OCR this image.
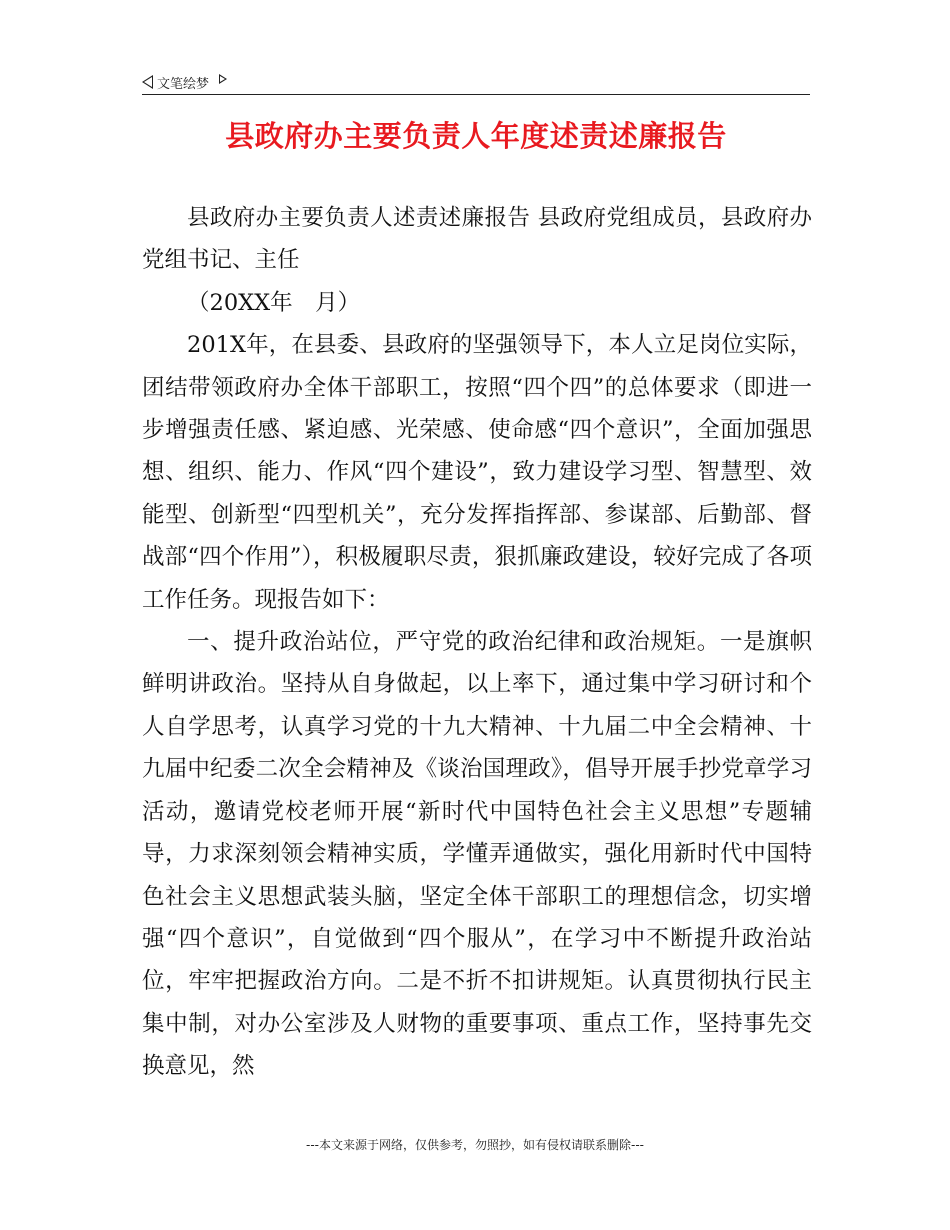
文笔绘梦
县政府办主要负责人年度述责述廉报告

县政府办主要负责人述责述廉报告 县政府党组成员，县政府办党组书记、主任

（20XX年　月）

201X年，在县委、县政府的坚强领导下，本人立足岗位实际，团结带领政府办全体干部职工，按照“四个四”的总体要求（即进一步增强责任感、紧迫感、光荣感、使命感“四个意识”，全面加强思想、组织、能力、作风“四个建设”，致力建设学习型、智慧型、效能型、创新型“四型机关”，充分发挥指挥部、参谋部、后勤部、督战部“四个作用”），积极履职尽责，狠抓廉政建设，较好完成了各项工作任务。现报告如下：

一、提升政治站位，严守党的政治纪律和政治规矩。一是旗帜鲜明讲政治。坚持从自身做起，以上率下，通过集中学习研讨和个人自学思考，认真学习党的十九大精神、十九届二中全会精神、十九届中纪委二次全会精神及《谈治国理政》，倡导开展手抄党章学习活动，邀请党校老师开展“新时代中国特色社会主义思想”专题辅导，力求深刻领会精神实质，学懂弄通做实，强化用新时代中国特色社会主义思想武装头脑，坚定全体干部职工的理想信念，切实增强“四个意识”，自觉做到“四个服从”，在学习中不断提升政治站位，牢牢把握政治方向。二是不折不扣讲规矩。认真贯彻执行民主集中制，对办公室涉及人财物的重要事项、重点工作，坚持事先交换意见，然

---本文来源于网络，仅供参考，勿照抄，如有侵权请联系删除---
